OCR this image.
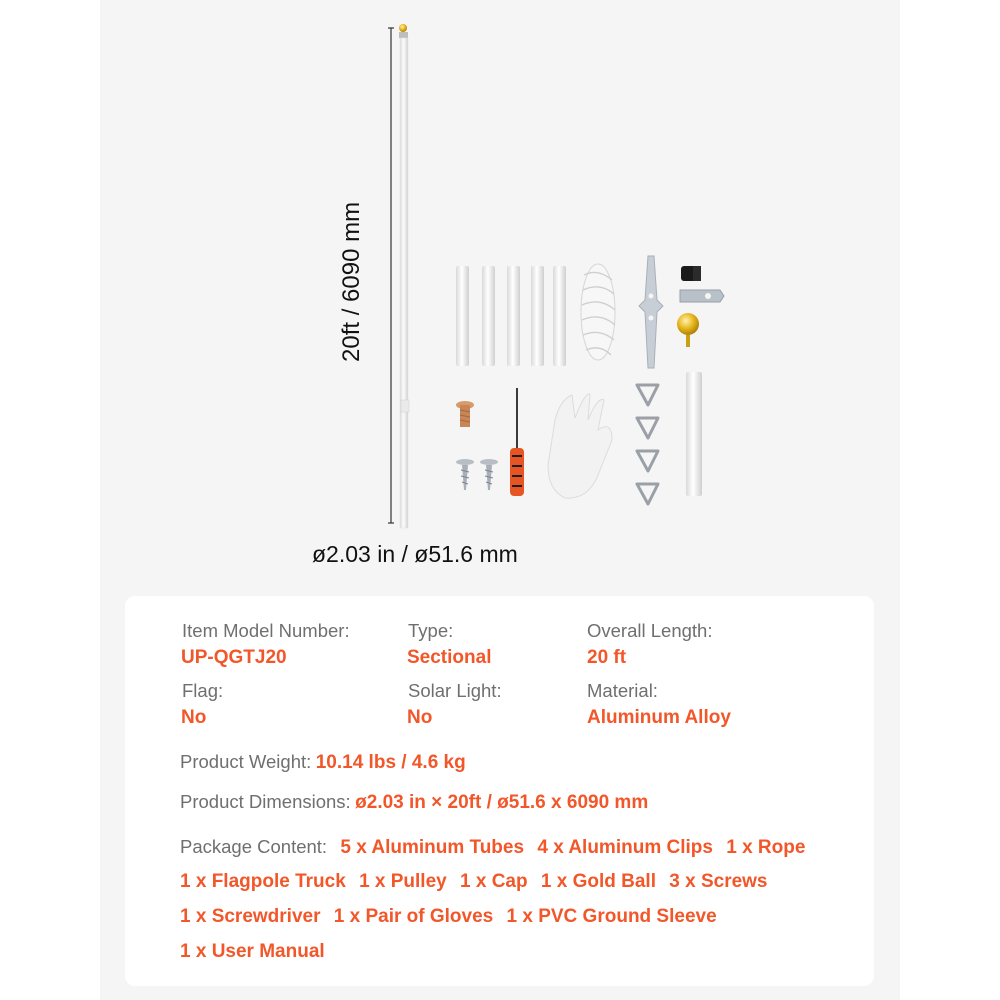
20ft / 6090 mm
ø2.03 in / ø51.6 mm
Item Model Number:
UP-QGTJ20
Type:
Sectional
Overall Length:
20 ft
Flag:
No
Solar Light:
No
Material:
Aluminum Alloy
Product Weight: 10.14 lbs / 4.6 kg
Product Dimensions: ø2.03 in × 20ft / ø51.6 x 6090 mm
Package Content: 5 x Aluminum Tubes 4 x Aluminum Clips 1 x Rope
1 x Flagpole Truck 1 x Pulley 1 x Cap 1 x Gold Ball 3 x Screws
1 x Screwdriver 1 x Pair of Gloves 1 x PVC Ground Sleeve
1 x User Manual
